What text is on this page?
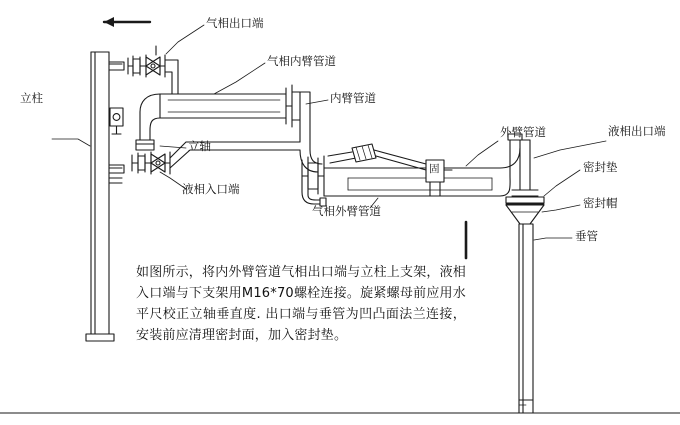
气相出口端
气相内臂管道
内臂管道
立柱
立轴
液相入口端
气相外臂管道
外臂管道	液相出口端
密封垫
密封帽
垂管
固
如图所示，将内外臂管道气相出口端与立柱上支架，液相入口端与下支架用M16*70螺栓连接。旋紧螺母前应用水平尺校正立轴垂直度. 出口端与垂管为凹凸面法兰连接，安装前应清理密封面，加入密封垫。
